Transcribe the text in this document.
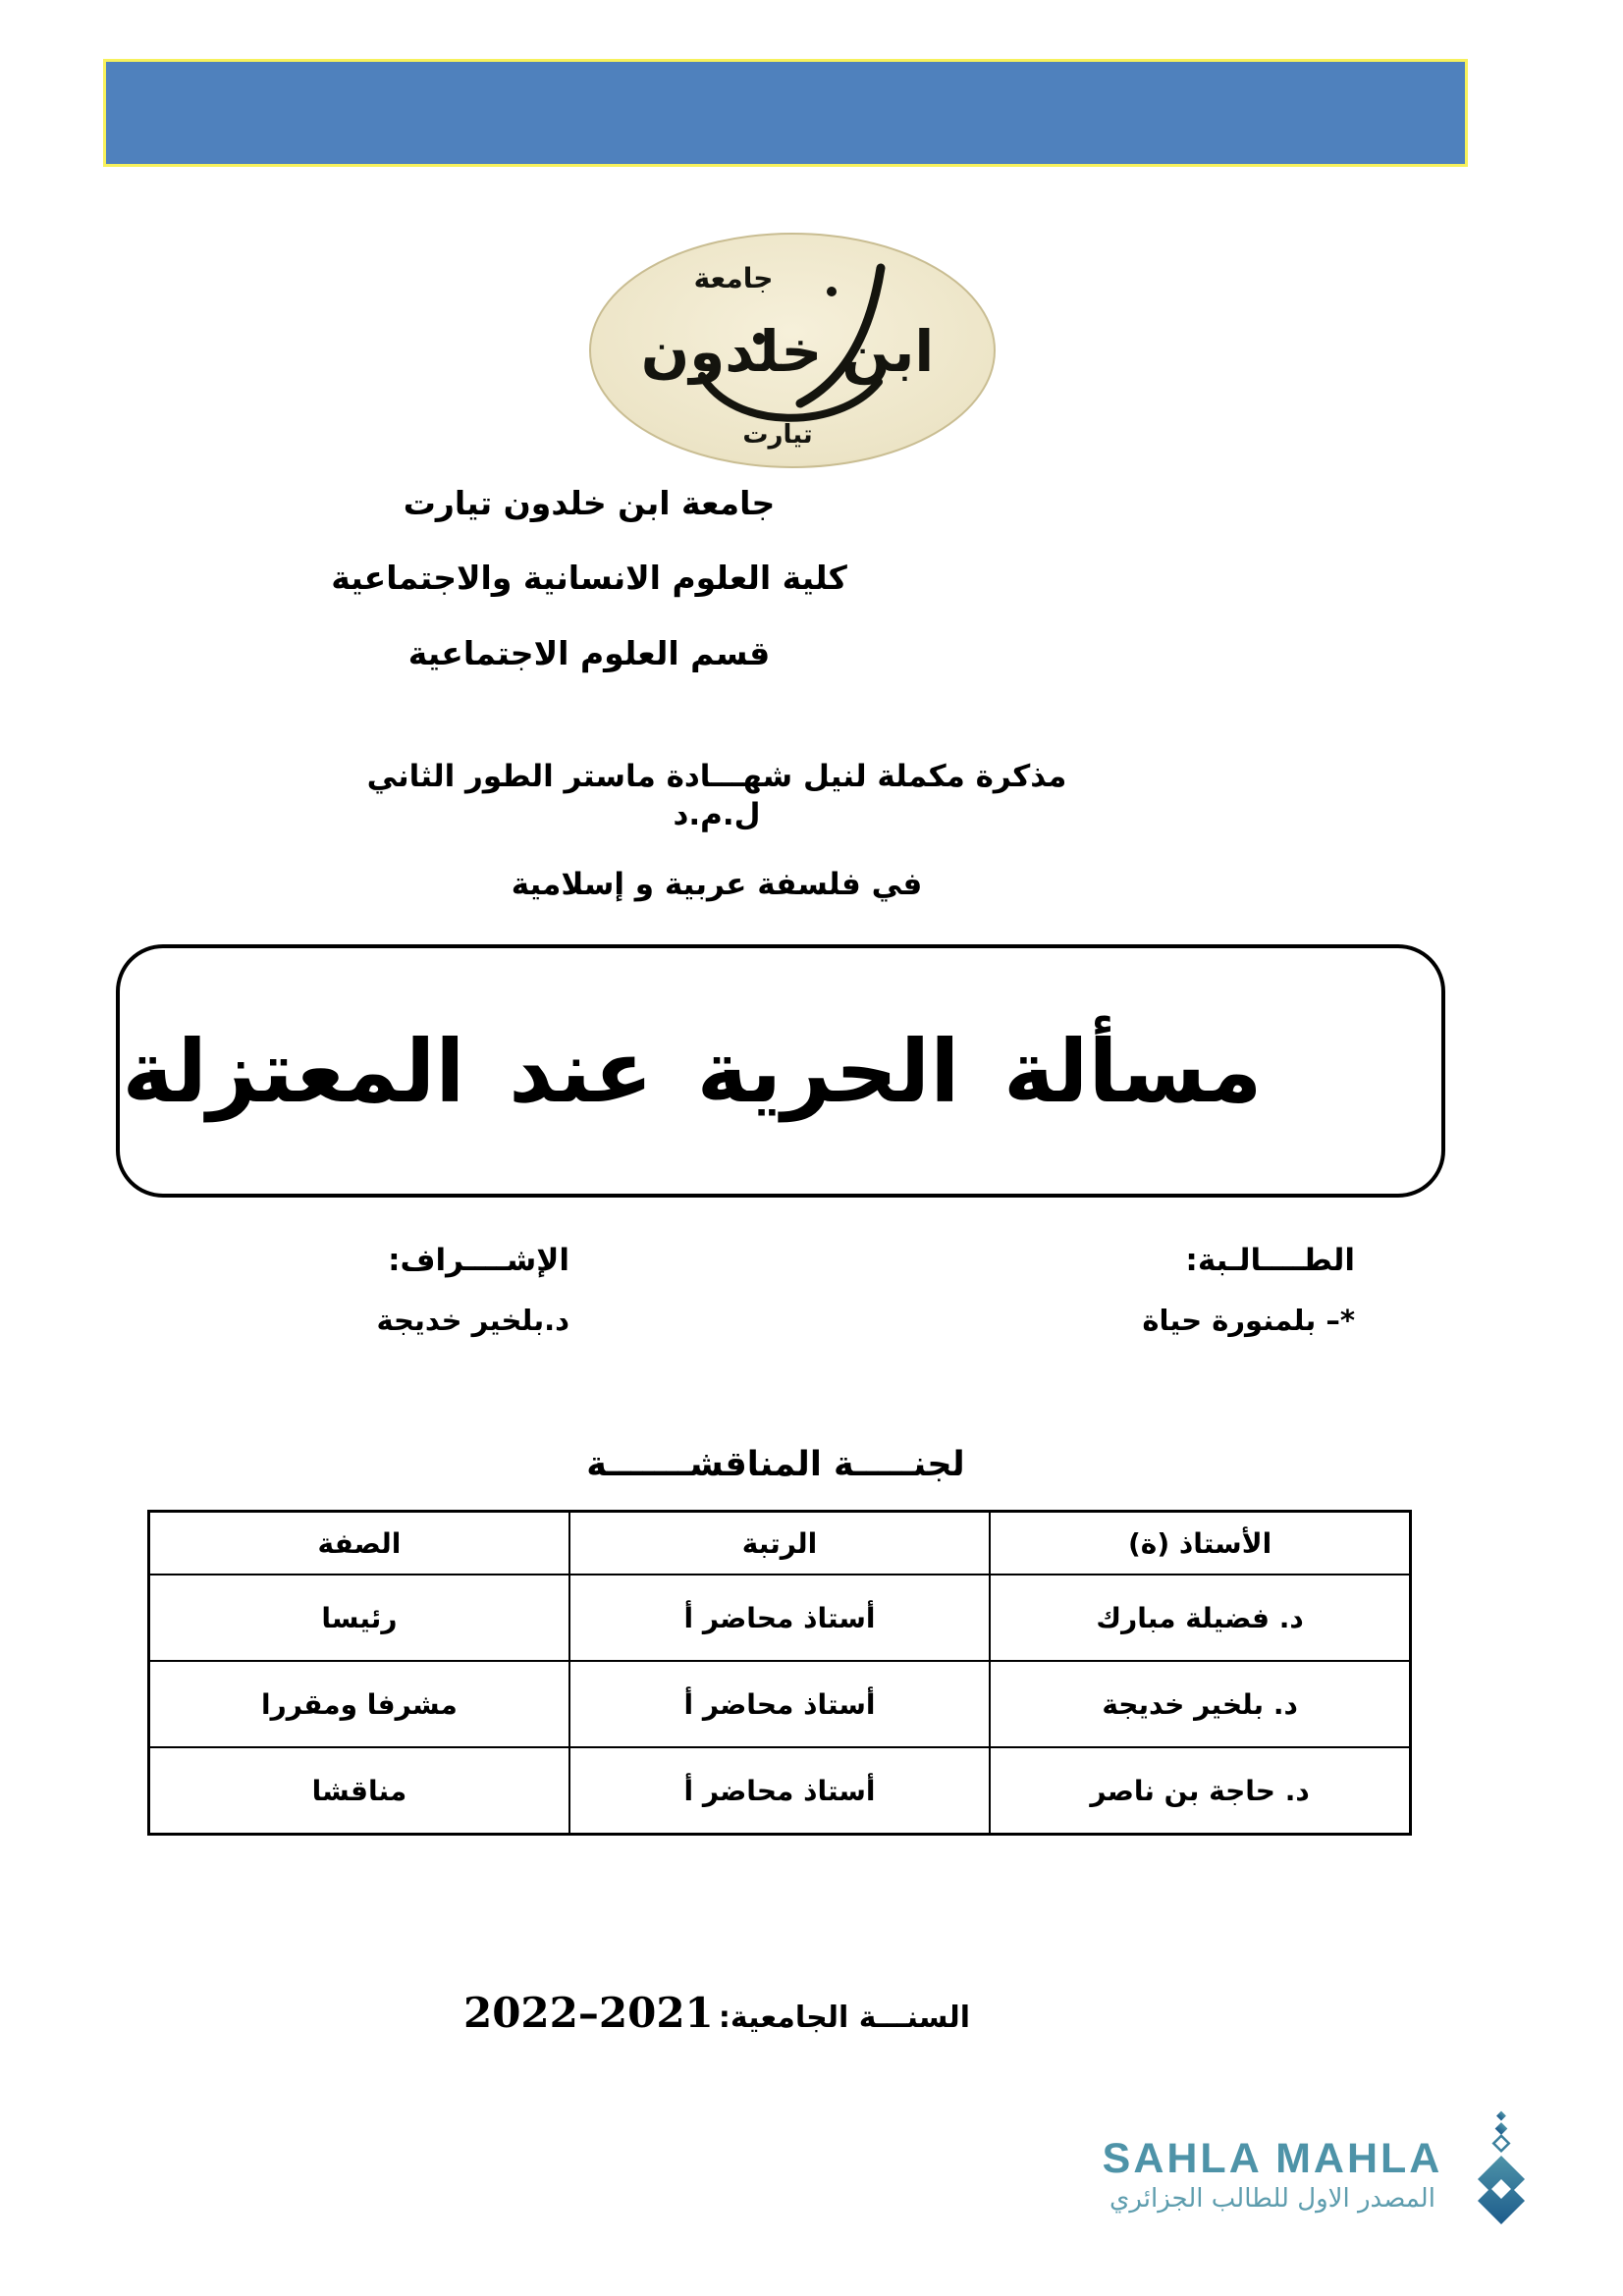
جامعة
ابن خلدون
تيارت
جامعة ابن خلدون تيارت
كلية العلوم الانسانية والاجتماعية
قسم العلوم الاجتماعية
مذكرة مكملة لنيل شهـــادة ماستر الطور الثاني ل.م.د
في فلسفة عربية و إسلامية
مسألة الحرية عند المعتزلة
الطــــالـبة:
*– بلمنورة حياة
الإشــــراف:
د.بلخير خديجة
لجنـــــة المناقشـــــــة
الأستاذ (ة)	الرتبة	الصفة
د. فضيلة مبارك	أستاذ محاضر أ	رئيسا
د. بلخير خديجة	أستاذ محاضر أ	مشرفا ومقررا
د. حاجة بن ناصر	أستاذ محاضر أ	مناقشا
السنـــة الجامعية: 2021–2022
SAHLA MAHLA
المصدر الاول للطالب الجزائري
